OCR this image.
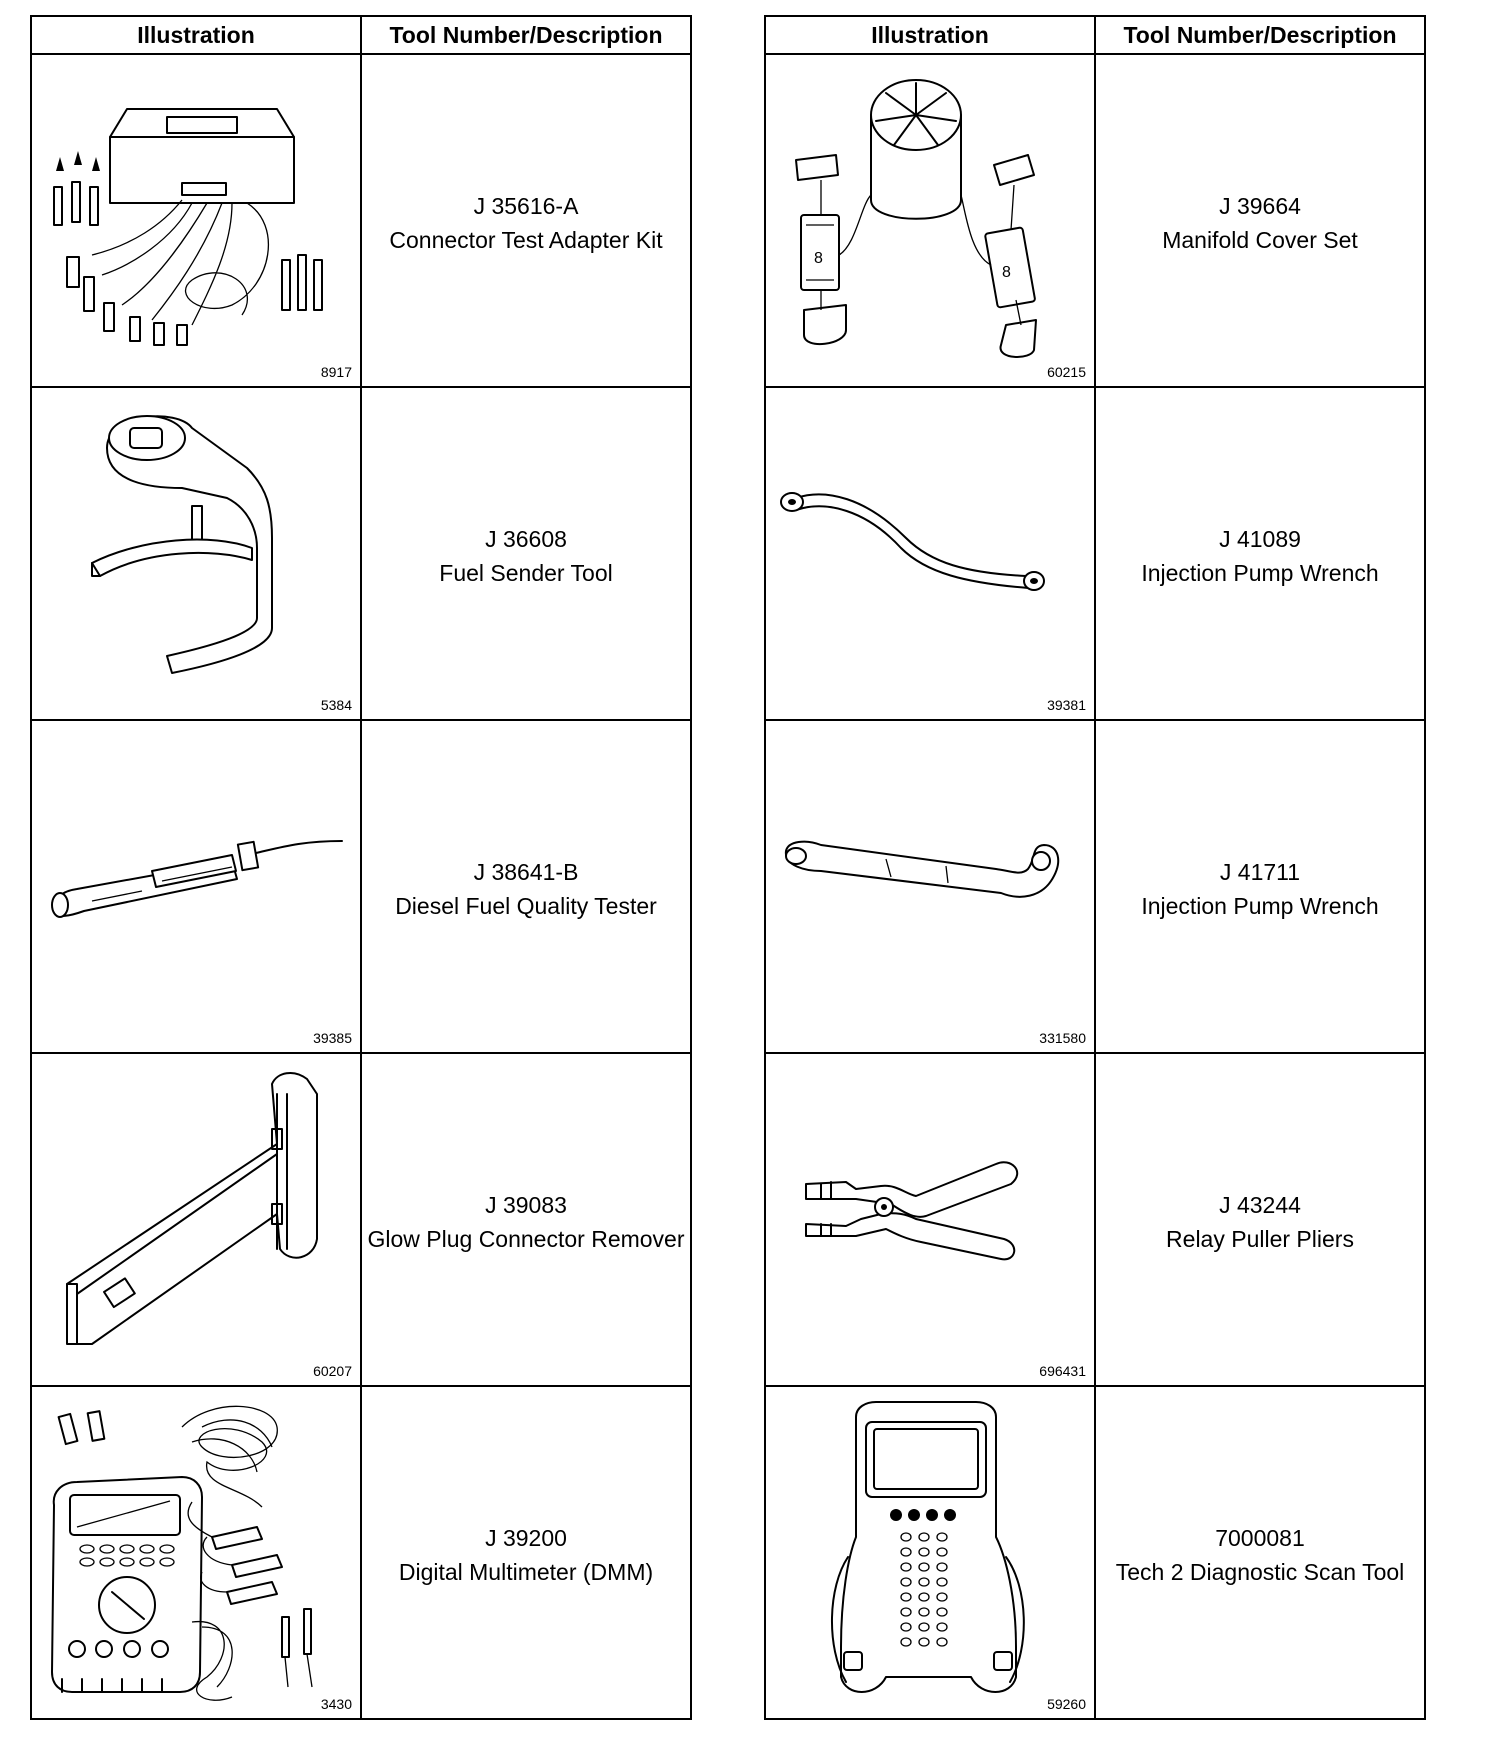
Illustration	Tool Number/Description

8917	J 35616-A
Connector Test Adapter Kit

5384	J 36608
Fuel Sender Tool

39385	J 38641-B
Diesel Fuel Quality Tester

60207	J 39083
Glow Plug Connector Remover

3430	J 39200
Digital Multimeter (DMM)
Illustration	Tool Number/Description

8
8
60215	J 39664
Manifold Cover Set

39381	J 41089
Injection Pump Wrench

331580	J 41711
Injection Pump Wrench

696431	J 43244
Relay Puller Pliers

59260	7000081
Tech 2 Diagnostic Scan Tool
